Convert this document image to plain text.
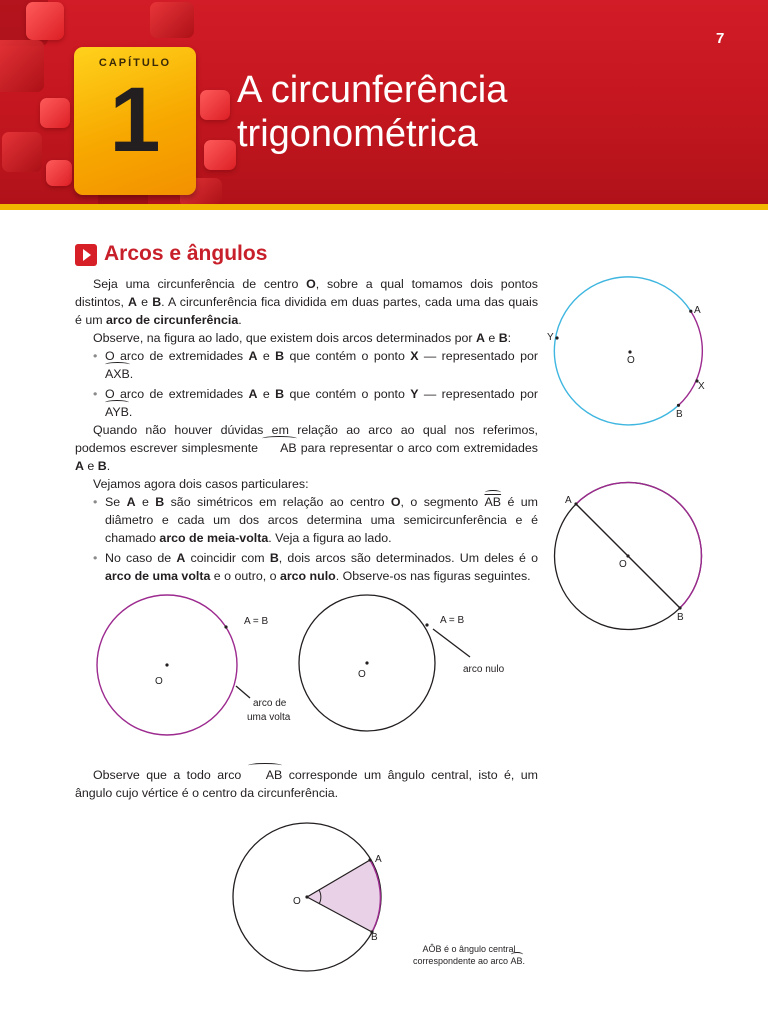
CAPÍTULO
1	A circunferência
trigonométrica
7
Arcos e ângulos

Seja uma circunferência de centro O, sobre a qual tomamos dois pontos distintos, A e B. A circunferência fica dividida em duas partes, cada uma das quais é um arco de circunferência.

Observe, na figura ao lado, que existem dois arcos determinados por A e B:

• O arco de extremidades A e B que contém o ponto X — representado por AXB.

• O arco de extremidades A e B que contém o ponto Y — representado por AYB.

Quando não houver dúvidas em relação ao arco ao qual nos referimos, podemos escrever simplesmente AB para representar o arco com extremidades A e B.

Vejamos agora dois casos particulares:

• Se A e B são simétricos em relação ao centro O, o segmento $\overline{AB}$ é um diâmetro e cada um dos arcos determina uma semicircunferência e é chamado arco de meia-volta. Veja a figura ao lado.

• No caso de A coincidir com B, dois arcos são determinados. Um deles é o arco de uma volta e o outro, o arco nulo. Observe-os nas figuras seguintes.

Observe que a todo arco AB corresponde um ângulo central, isto é, um ângulo cujo vértice é o centro da circunferência.

A
O
X
B
Y
A
O
B
A = B
O
arco de
uma volta
A = B
O	arco nulo
O
A
B
AÔB é o ângulo central
correspondente ao arco AB.
